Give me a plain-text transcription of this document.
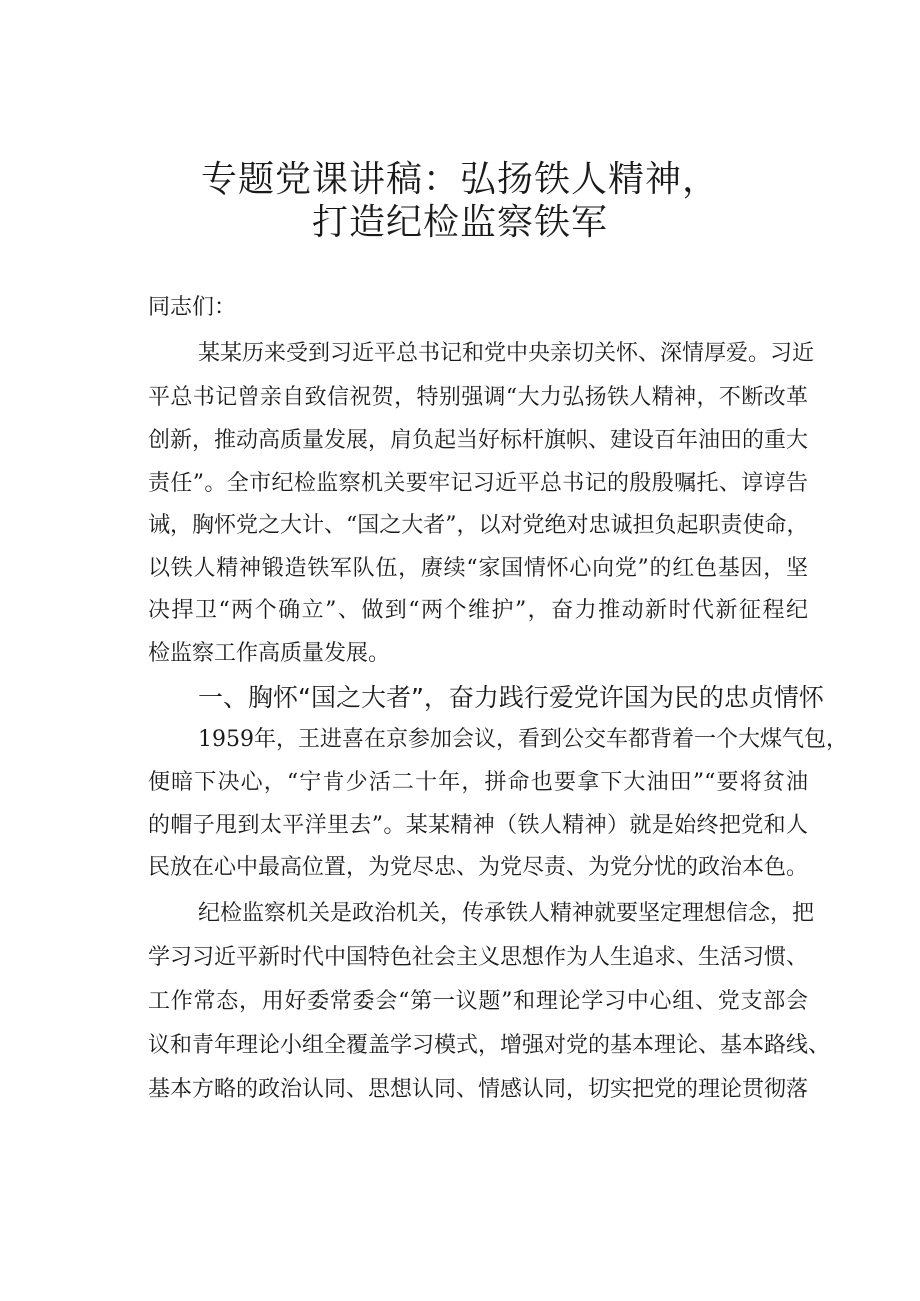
专题党课讲稿：弘扬铁人精神，
打造纪检监察铁军
同志们：
某某历来受到习近平总书记和党中央亲切关怀、深情厚爱。习近
平总书记曾亲自致信祝贺，特别强调“大力弘扬铁人精神，不断改革
创新，推动高质量发展，肩负起当好标杆旗帜、建设百年油田的重大
责任”。全市纪检监察机关要牢记习近平总书记的殷殷嘱托、谆谆告
诫，胸怀党之大计、“国之大者”，以对党绝对忠诚担负起职责使命，
以铁人精神锻造铁军队伍，赓续“家国情怀心向党”的红色基因，坚
决捍卫“两个确立”、做到“两个维护”，奋力推动新时代新征程纪
检监察工作高质量发展。
一、胸怀“国之大者”，奋力践行爱党许国为民的忠贞情怀
1959年，王进喜在京参加会议，看到公交车都背着一个大煤气包，
便暗下决心，“宁肯少活二十年，拼命也要拿下大油田”“要将贫油
的帽子甩到太平洋里去”。某某精神（铁人精神）就是始终把党和人
民放在心中最高位置，为党尽忠、为党尽责、为党分忧的政治本色。
纪检监察机关是政治机关，传承铁人精神就要坚定理想信念，把
学习习近平新时代中国特色社会主义思想作为人生追求、生活习惯、
工作常态，用好委常委会“第一议题”和理论学习中心组、党支部会
议和青年理论小组全覆盖学习模式，增强对党的基本理论、基本路线、
基本方略的政治认同、思想认同、情感认同，切实把党的理论贯彻落
